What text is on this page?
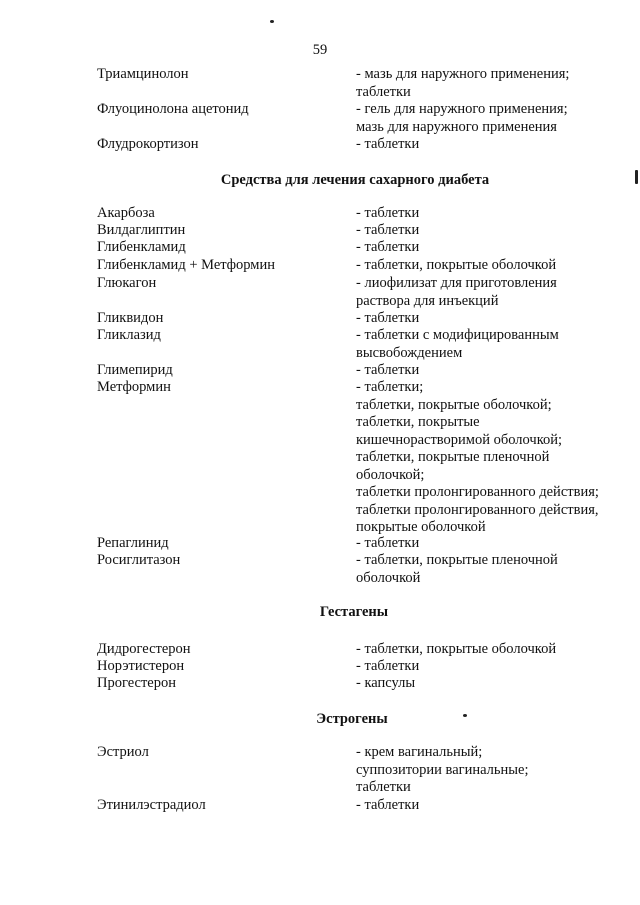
59
Триамцинолон	- мазь для наружного применения;
таблетки
Флуоцинолона ацетонид	- гель для наружного применения;
мазь для наружного применения
Флудрокортизон	- таблетки
Средства для лечения сахарного диабета
Акарбоза	- таблетки
Вилдаглиптин	- таблетки
Глибенкламид	- таблетки
Глибенкламид + Метформин	- таблетки, покрытые оболочкой
Глюкагон	- лиофилизат для приготовления
раствора для инъекций
Гликвидон	- таблетки
Гликлазид	- таблетки с модифицированным
высвобождением
Глимепирид	- таблетки
Метформин	- таблетки;
таблетки, покрытые оболочкой;
таблетки, покрытые
кишечнорастворимой оболочкой;
таблетки, покрытые пленочной
оболочкой;
таблетки пролонгированного действия;
таблетки пролонгированного действия,
покрытые оболочкой
Репаглинид	- таблетки
Росиглитазон	- таблетки, покрытые пленочной
оболочкой
Гестагены
Дидрогестерон	- таблетки, покрытые оболочкой
Норэтистерон	- таблетки
Прогестерон	- капсулы
Эстрогены
Эстриол	- крем вагинальный;
суппозитории вагинальные;
таблетки
Этинилэстрадиол	- таблетки
